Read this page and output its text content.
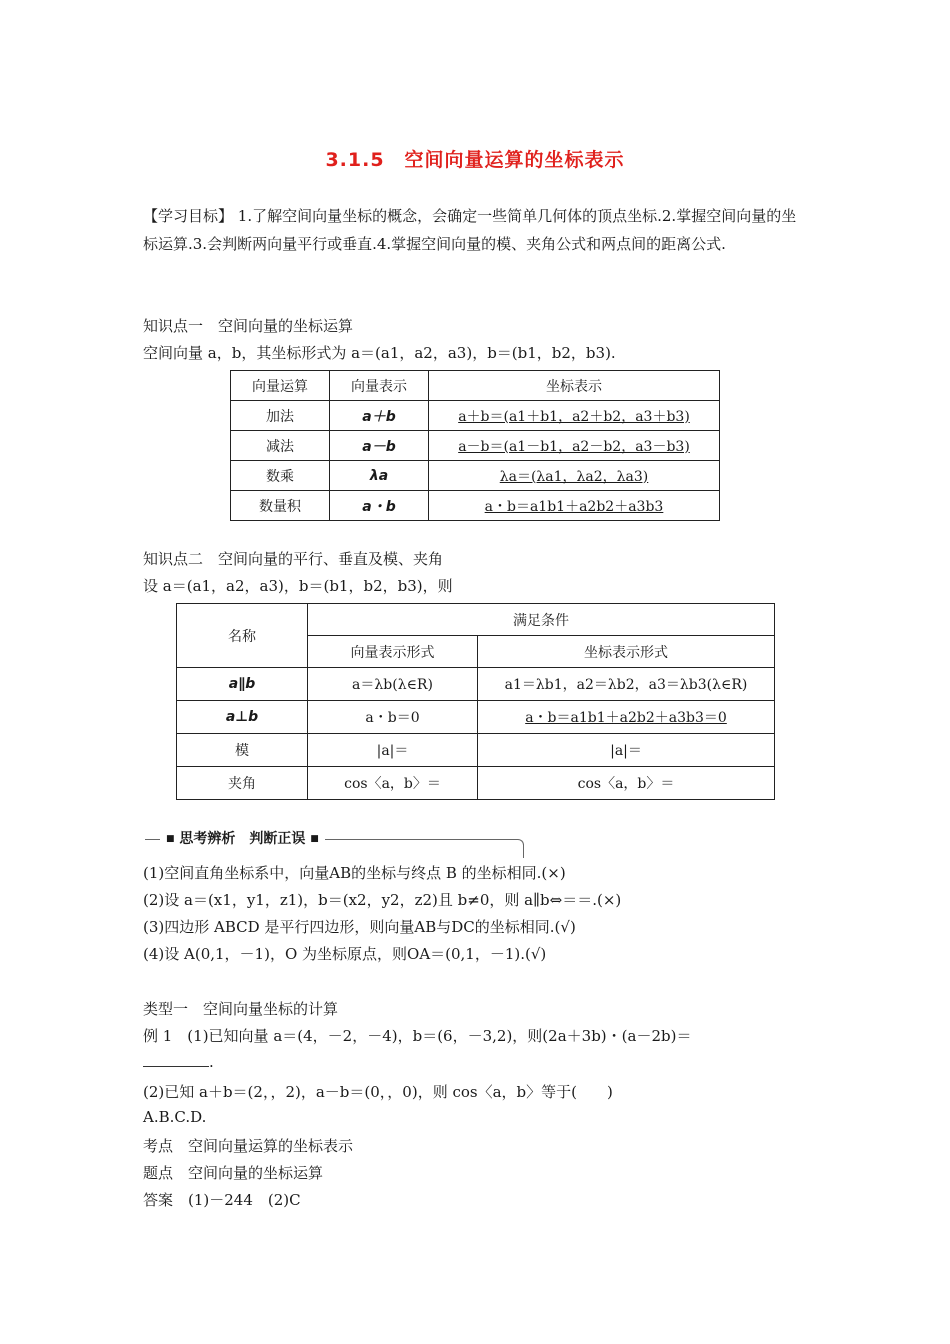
3.1.5　空间向量运算的坐标表示
【学习目标】 1.了解空间向量坐标的概念，会确定一些简单几何体的顶点坐标.2.掌握空间向量的坐标运算.3.会判断两向量平行或垂直.4.掌握空间向量的模、夹角公式和两点间的距离公式.
知识点一　空间向量的坐标运算
空间向量 a，b，其坐标形式为 a＝(a1，a2，a3)，b＝(b1，b2，b3).
向量运算	向量表示	坐标表示
加法	a＋b	a＋b＝(a1＋b1，a2＋b2，a3＋b3)
减法	a－b	a－b＝(a1－b1，a2－b2，a3－b3)
数乘	λa	λa＝(λa1，λa2，λa3)
数量积	a・b	a・b＝a1b1＋a2b2＋a3b3
知识点二　空间向量的平行、垂直及模、夹角
设 a＝(a1，a2，a3)，b＝(b1，b2，b3)，则
名称	满足条件	
	向量表示形式	坐标表示形式
a∥b	a＝λb(λ∈R)	a1＝λb1，a2＝λb2，a3＝λb3(λ∈R)
a⊥b	a・b＝0	a・b＝a1b1＋a2b2＋a3b3＝0
模	|a|＝	|a|＝
夹角	cos〈a，b〉＝	cos〈a，b〉＝
■ 思考辨析　判断正误 ■
(1)空间直角坐标系中，向量AB的坐标与终点 B 的坐标相同.(×)
(2)设 a＝(x1，y1，z1)，b＝(x2，y2，z2)且 b≠0，则 a∥b⇔＝＝.(×)
(3)四边形 ABCD 是平行四边形，则向量AB与DC的坐标相同.(√)
(4)设 A(0,1，－1)，O 为坐标原点，则OA＝(0,1，－1).(√)
类型一　空间向量坐标的计算
例 1　(1)已知向量 a＝(4，－2，－4)，b＝(6，－3,2)，则(2a＋3b)・(a－2b)＝
.
(2)已知 a＋b＝(2，，2)，a－b＝(0，，0)，则 cos〈a，b〉等于(　　)
A.B.C.D.
考点　空间向量运算的坐标表示
题点　空间向量的坐标运算
答案　(1)－244　(2)C
